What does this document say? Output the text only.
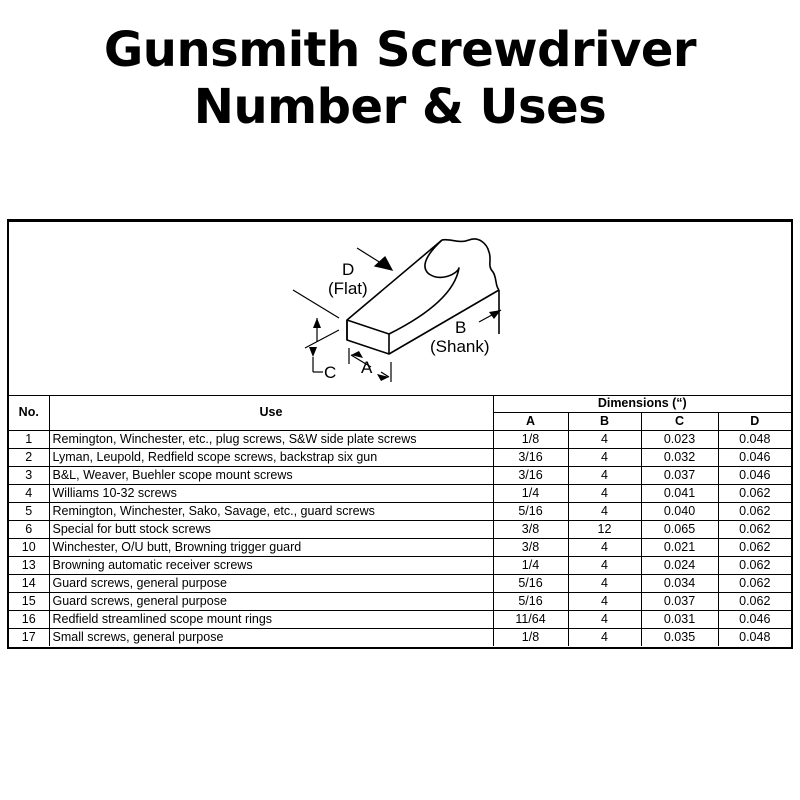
Gunsmith Screwdriver
Number & Uses
D
(Flat)
B
(Shank)
A
C
No.	Use	Dimensions (“)			
		A	B	C	D
1	Remington, Winchester, etc., plug screws, S&W side plate screws	1/8	4	0.023	0.048
2	Lyman, Leupold, Redfield scope screws, backstrap six gun	3/16	4	0.032	0.046
3	B&L, Weaver, Buehler scope mount screws	3/16	4	0.037	0.046
4	Williams 10-32 screws	1/4	4	0.041	0.062
5	Remington, Winchester, Sako, Savage, etc., guard screws	5/16	4	0.040	0.062
6	Special for butt stock screws	3/8	12	0.065	0.062
10	Winchester, O/U butt, Browning trigger guard	3/8	4	0.021	0.062
13	Browning automatic receiver screws	1/4	4	0.024	0.062
14	Guard screws, general purpose	5/16	4	0.034	0.062
15	Guard screws, general purpose	5/16	4	0.037	0.062
16	Redfield streamlined scope mount rings	11/64	4	0.031	0.046
17	Small screws, general purpose	1/8	4	0.035	0.048
